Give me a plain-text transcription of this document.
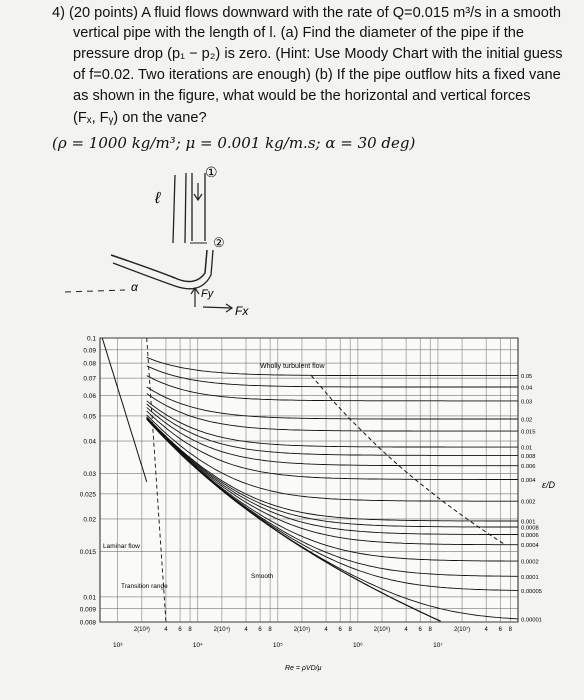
4) (20 points) A fluid flows downward with the rate of Q=0.015 m³/s in a smooth
vertical pipe with the length of l. (a) Find the diameter of the pipe if the
pressure drop (p₁ − p₂) is zero. (Hint: Use Moody Chart with the initial guess
of f=0.02. Two iterations are enough) (b) If the pipe outflow hits a fixed vane
as shown in the figure, what would be the horizontal and vertical forces
(Fₓ, Fᵧ) on the vane?
(ρ = 1000 kg/m³; μ = 0.001 kg/m.s; α = 30 deg)
ℓ
①
②
α	Fy
Fx
0.1
0.09
0.08
0.07
0.06
0.05
0.04
0.03
0.025
0.02
0.015
0.01
0.009
0.008
2(10³) 4 6 8	2(10⁴) 4 6 8	2(10⁵) 4 6 8	2(10⁶) 4 6 8	2(10⁷) 4 6 8
10³	10⁴	10⁵	10⁶	10⁷
0.05
0.04
0.03
0.02
0.015
0.01
0.008
0.006
0.004
0.002
0.001
0.0008
0.0006
0.0004
0.0002
0.0001
0.00005
0.00001
Wholly turbulent flow
Laminar flow
Transition range
Smooth
Re = ρVD/μ
ε/D
